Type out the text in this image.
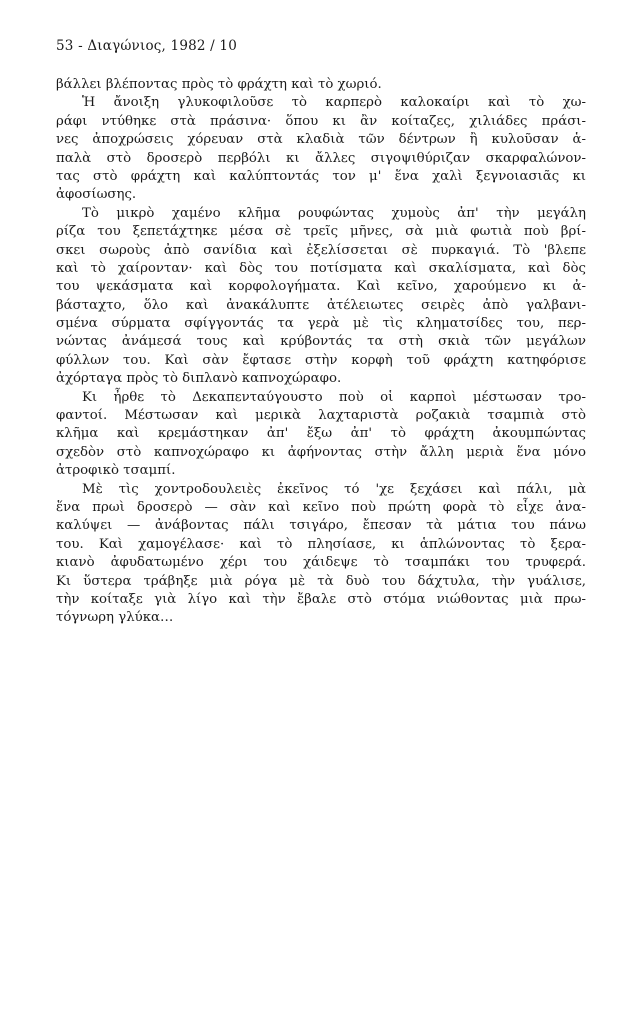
53 - Διαγώνιος, 1982 / 10
βάλλει βλέποντας πρὸς τὸ φράχτη καὶ τὸ χωριό.
Ἡ ἄνοιξη γλυκοφιλοῦσε τὸ καρπερὸ καλοκαίρι καὶ τὸ χω-
ράφι ντύθηκε στὰ πράσινα· ὅπου κι ἂν κοίταζες, χιλιάδες πράσι-
νες ἀποχρώσεις χόρευαν στὰ κλαδιὰ τῶν δέντρων ἢ κυλοῦσαν ἁ-
παλὰ στὸ δροσερὸ περβόλι κι ἄλλες σιγοψιθύριζαν σκαρφαλώνον-
τας στὸ φράχτη καὶ καλύπτοντάς τον μ' ἕνα χαλὶ ξεγνοιασιᾶς κι
ἀφοσίωσης.
Τὸ μικρὸ χαμένο κλῆμα ρουφώντας χυμοὺς ἀπ' τὴν μεγάλη
ρίζα του ξεπετάχτηκε μέσα σὲ τρεῖς μῆνες, σὰ μιὰ φωτιὰ ποὺ βρί-
σκει σωροὺς ἀπὸ σανίδια καὶ ἐξελίσσεται σὲ πυρκαγιά. Τὸ 'βλεπε
καὶ τὸ χαίρονταν· καὶ δὸς του ποτίσματα καὶ σκαλίσματα, καὶ δὸς
του ψεκάσματα καὶ κορφολογήματα. Καὶ κεῖνο, χαρούμενο κι ἀ-
βάσταχτο, ὅλο καὶ ἀνακάλυπτε ἀτέλειωτες σειρὲς ἀπὸ γαλβανι-
σμένα σύρματα σφίγγοντάς τα γερὰ μὲ τὶς κληματσίδες του, περ-
νώντας ἀνάμεσά τους καὶ κρύβοντάς τα στὴ σκιὰ τῶν μεγάλων
φύλλων του. Καὶ σὰν ἔφτασε στὴν κορφὴ τοῦ φράχτη κατηφόρισε
ἀχόρταγα πρὸς τὸ διπλανὸ καπνοχώραφο.
Κι ἦρθε τὸ Δεκαπενταύγουστο ποὺ οἱ καρποὶ μέστωσαν τρο-
φαντοί. Μέστωσαν καὶ μερικὰ λαχταριστὰ ροζακιὰ τσαμπιὰ στὸ
κλῆμα καὶ κρεμάστηκαν ἀπ' ἔξω ἀπ' τὸ φράχτη ἀκουμπώντας
σχεδὸν στὸ καπνοχώραφο κι ἀφήνοντας στὴν ἄλλη μεριὰ ἕνα μόνο
ἀτροφικὸ τσαμπί.
Μὲ τὶς χοντροδουλειὲς ἐκεῖνος τό 'χε ξεχάσει καὶ πάλι, μὰ
ἕνα πρωὶ δροσερὸ — σὰν καὶ κεῖνο ποὺ πρώτη φορὰ τὸ εἶχε ἀνα-
καλύψει — ἀνάβοντας πάλι τσιγάρο, ἔπεσαν τὰ μάτια του πάνω
του. Καὶ χαμογέλασε· καὶ τὸ πλησίασε, κι ἁπλώνοντας τὸ ξερα-
κιανὸ ἀφυδατωμένο χέρι του χάιδεψε τὸ τσαμπάκι του τρυφερά.
Κι ὕστερα τράβηξε μιὰ ρόγα μὲ τὰ δυὸ του δάχτυλα, τὴν γυάλισε,
τὴν κοίταξε γιὰ λίγο καὶ τὴν ἔβαλε στὸ στόμα νιώθοντας μιὰ πρω-
τόγνωρη γλύκα…
